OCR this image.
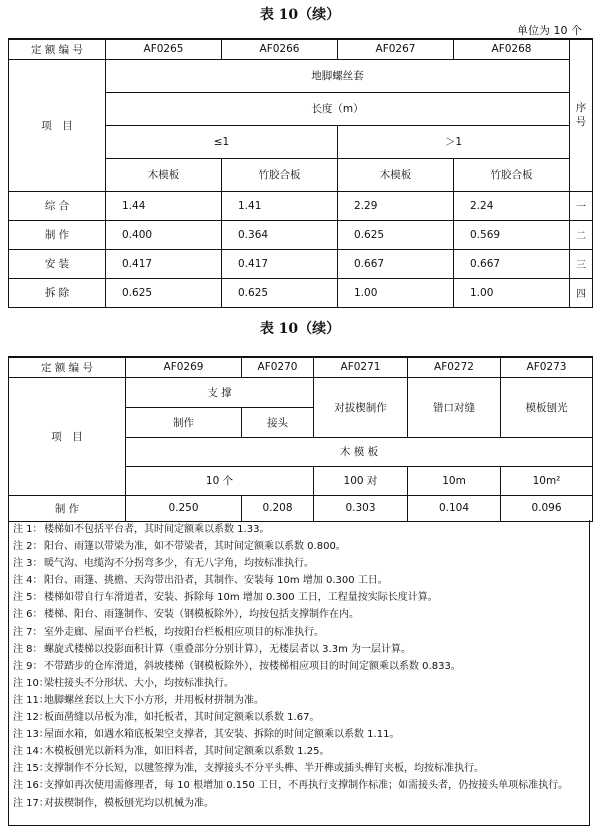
表 10（续）
单位为 10 个
定 额 编 号	AF0265	AF0266	AF0267	AF0268	序号
项　目	地脚螺丝套				
	长度（m）				
	≤1		＞1		
	木模板	竹胶合板	木模板	竹胶合板	
综 合	1.44	1.41	2.29	2.24	一
制 作	0.400	0.364	0.625	0.569	二
安 装	0.417	0.417	0.667	0.667	三
拆 除	0.625	0.625	1.00	1.00	四
表 10（续）
定 额 编 号	AF0269	AF0270	AF0271	AF0272	AF0273
项　目	支 撑		对拔楔制作	错口对缝	模板刨光
	制作	接头			
	木 模 板				
	10 个		100 对	10m	10m²
制 作	0.250	0.208	0.303	0.104	0.096
注 1： 楼梯如不包括平台者，其时间定额乘以系数 1.33。
注 2： 阳台、雨篷以带梁为准，如不带梁者，其时间定额乘以系数 0.800。
注 3： 暖气沟、电缆沟不分拐弯多少，有无八字角，均按标准执行。
注 4： 阳台、雨篷、挑檐、天沟带出沿者，其制作、安装每 10m 增加 0.300 工日。
注 5： 楼梯如带自行车滑道者，安装、拆除每 10m 增加 0.300 工日，工程量按实际长度计算。
注 6： 楼梯、阳台、雨篷制作、安装（钢模板除外），均按包括支撑制作在内。
注 7： 室外走廊、屋面平台栏板，均按阳台栏板相应项目的标准执行。
注 8： 螺旋式楼梯以投影面积计算（重叠部分分别计算），无楼层者以 3.3m 为一层计算。
注 9： 不带踏步的仓库滑道，斜坡楼梯（钢模板除外），按楼梯相应项目的时间定额乘以系数 0.833。
注 10：
梁柱接头不分形状、大小，均按标准执行。
注 11：
地脚螺丝套以上大下小方形，并用板材拼制为准。
注 12：
板面凿缝以吊板为准，如托板者，其时间定额乘以系数 1.67。
注 13：
屋面水箱，如遇水箱底板架空支撑者，其安装、拆除的时间定额乘以系数 1.11。
注 14：
木模板刨光以新料为准，如旧料者，其时间定额乘以系数 1.25。
注 15：
支撑制作不分长短，以毽签撑为准，支撑接头不分平头榫、半开榫或插头榫钉夹板，均按标准执行。
注 16：
支撑如再次使用需修理者，每 10 根增加 0.150 工日，不再执行支撑制作标准；如需接头者，仍按接头单项标准执行。
注 17：
对拔楔制作，模板刨光均以机械为准。
